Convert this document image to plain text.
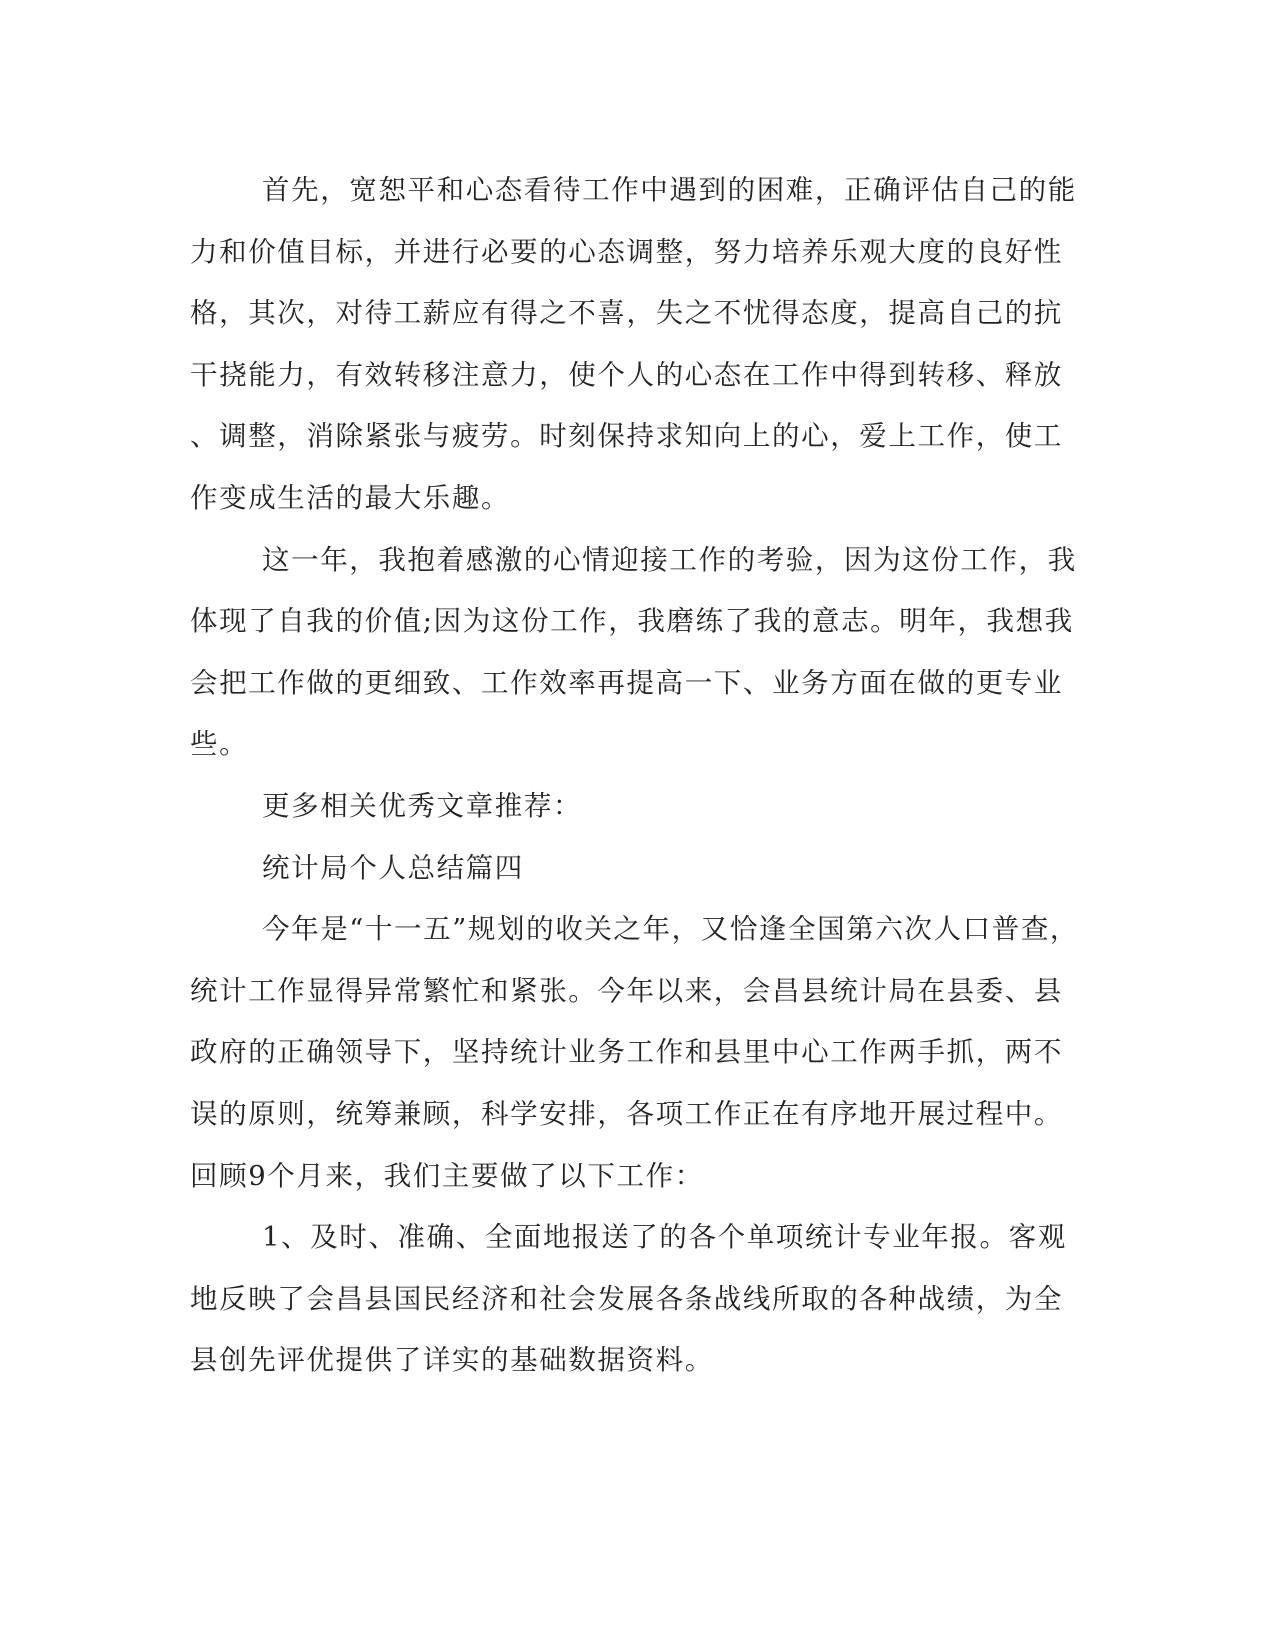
首先，宽恕平和心态看待工作中遇到的困难，正确评估自己的能
力和价值目标，并进行必要的心态调整，努力培养乐观大度的良好性
格，其次，对待工薪应有得之不喜，失之不忧得态度，提高自己的抗
干挠能力，有效转移注意力，使个人的心态在工作中得到转移、释放
、调整，消除紧张与疲劳。时刻保持求知向上的心，爱上工作，使工
作变成生活的最大乐趣。
这一年，我抱着感激的心情迎接工作的考验，因为这份工作，我
体现了自我的价值;因为这份工作，我磨练了我的意志。明年，我想我
会把工作做的更细致、工作效率再提高一下、业务方面在做的更专业
些。
更多相关优秀文章推荐：
统计局个人总结篇四
今年是“十一五”规划的收关之年，又恰逢全国第六次人口普查，
统计工作显得异常繁忙和紧张。今年以来，会昌县统计局在县委、县
政府的正确领导下，坚持统计业务工作和县里中心工作两手抓，两不
误的原则，统筹兼顾，科学安排，各项工作正在有序地开展过程中。
回顾9个月来，我们主要做了以下工作：
1、及时、准确、全面地报送了的各个单项统计专业年报。客观
地反映了会昌县国民经济和社会发展各条战线所取的各种战绩，为全
县创先评优提供了详实的基础数据资料。
